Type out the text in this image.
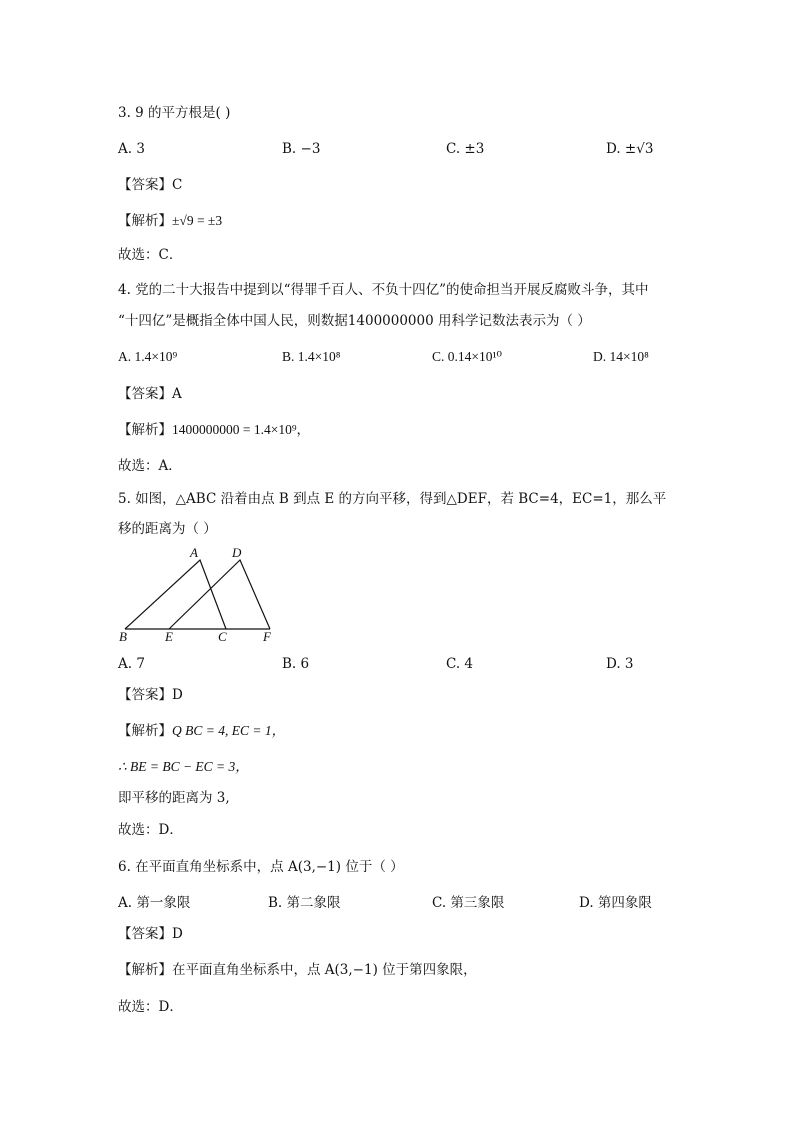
3. 9 的平方根是( )
A. 3	B. −3	C. ±3	D. ±√3
【答案】C
【解析】±√9 = ±3
故选：C．
4. 党的二十大报告中提到以“得罪千百人、不负十四亿”的使命担当开展反腐败斗争，其中
“十四亿”是概指全体中国人民，则数据1400000000 用科学记数法表示为（ ）
A. 1.4×10⁹	B. 1.4×10⁸	C. 0.14×10¹⁰	D. 14×10⁸
【答案】A
【解析】1400000000 = 1.4×10⁹，
故选：A．
5. 如图，△ABC 沿着由点 B 到点 E 的方向平移，得到△DEF，若 BC=4，EC=1，那么平
移的距离为（ ）
A	D
B	E	C	F
A. 7	B. 6	C. 4	D. 3
【答案】D
【解析】Q BC = 4, EC = 1，
∴ BE = BC − EC = 3，
即平移的距离为 3,
故选：D．
6. 在平面直角坐标系中，点 A(3,−1) 位于（ ）
A. 第一象限	B. 第二象限	C. 第三象限	D. 第四象限
【答案】D
【解析】在平面直角坐标系中，点 A(3,−1) 位于第四象限，
故选：D．
